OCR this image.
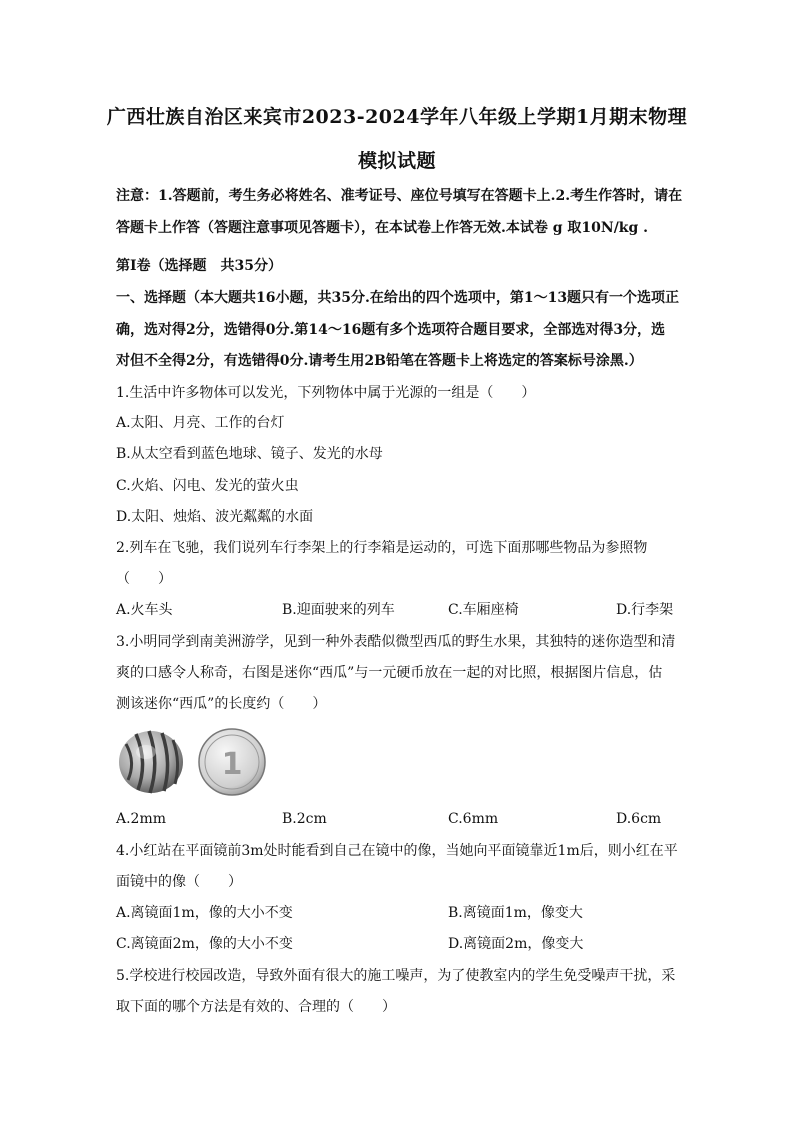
广西壮族自治区来宾市2023-2024学年八年级上学期1月期末物理
模拟试题
注意：1.答题前，考生务必将姓名、准考证号、座位号填写在答题卡上.2.考生作答时，请在
答题卡上作答（答题注意事项见答题卡），在本试卷上作答无效.本试卷 g 取10N/kg .
第Ⅰ卷（选择题　共35分）
一、选择题（本大题共16小题，共35分.在给出的四个选项中，第1～13题只有一个选项正
确，选对得2分，选错得0分.第14～16题有多个选项符合题目要求，全部选对得3分，选
对但不全得2分，有选错得0分.请考生用2B铅笔在答题卡上将选定的答案标号涂黑.）
1.生活中许多物体可以发光，下列物体中属于光源的一组是（　　）
A.太阳、月亮、工作的台灯
B.从太空看到蓝色地球、镜子、发光的水母
C.火焰、闪电、发光的萤火虫
D.太阳、烛焰、波光粼粼的水面
2.列车在飞驰，我们说列车行李架上的行李箱是运动的，可选下面那哪些物品为参照物
（　　）
A.火车头	B.迎面驶来的列车	C.车厢座椅	D.行李架
3.小明同学到南美洲游学，见到一种外表酷似微型西瓜的野生水果，其独特的迷你造型和清
爽的口感令人称奇，右图是迷你“西瓜”与一元硬币放在一起的对比照，根据图片信息，估
测该迷你“西瓜”的长度约（　　）
1
A.2mm	B.2cm	C.6mm	D.6cm
4.小红站在平面镜前3m处时能看到自己在镜中的像，当她向平面镜靠近1m后，则小红在平
面镜中的像（　　）
A.离镜面1m，像的大小不变	B.离镜面1m，像变大
C.离镜面2m，像的大小不变	D.离镜面2m，像变大
5.学校进行校园改造，导致外面有很大的施工噪声，为了使教室内的学生免受噪声干扰，采
取下面的哪个方法是有效的、合理的（　　）
